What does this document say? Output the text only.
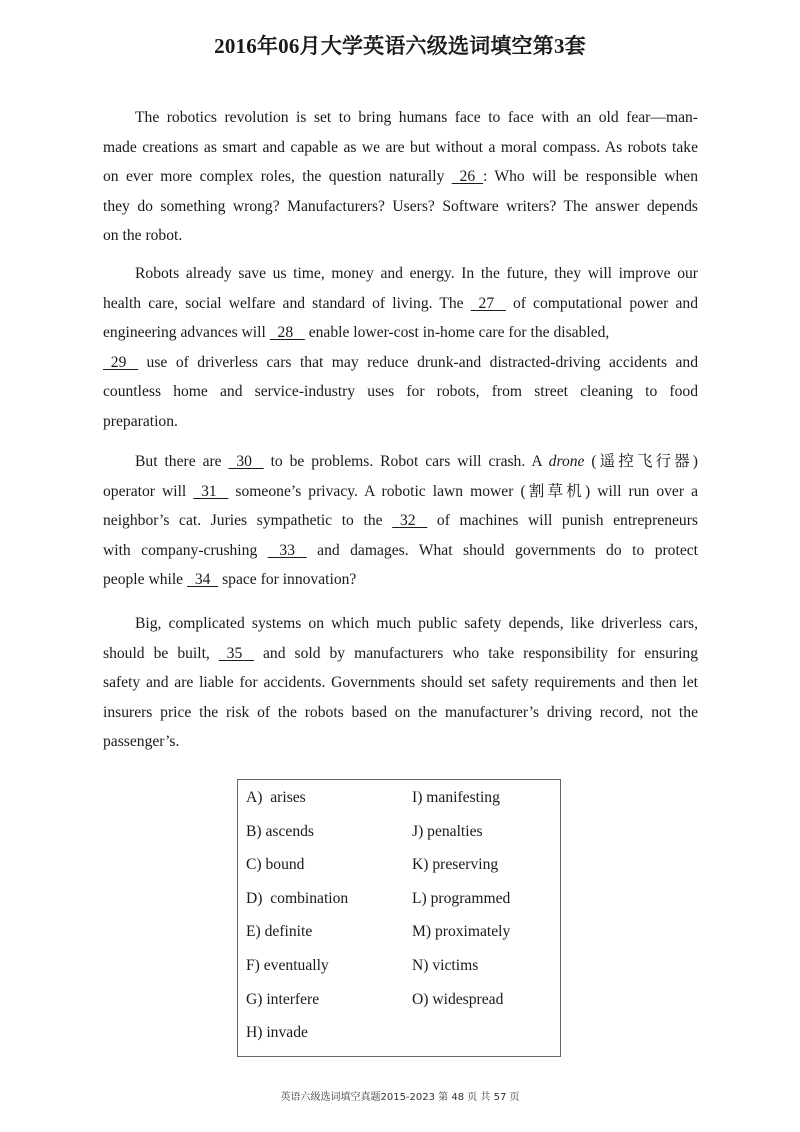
2016年06月大学英语六级选词填空第3套
The robotics revolution is set to bring humans face to face with an old fear—man-
made creations as smart and capable as we are but without a moral compass. As robots take
on ever more complex roles, the question naturally   26 : Who will be responsible when
they do something wrong? Manufacturers? Users? Software writers? The answer depends
on the robot.
Robots already save us time, money and energy. In the future, they will improve our
health care, social welfare and standard of living. The   27    of computational power and
engineering advances will   28    enable lower-cost in-home care for the disabled,
29    use of driverless cars that may reduce drunk-and distracted-driving accidents and
countless home and service-industry uses for robots, from street cleaning to food
preparation.
But there are   30    to be problems. Robot cars will crash. A drone (遥控飞行器)
operator will   31    someone’s privacy. A robotic lawn mower (割草机) will run over a
neighbor’s cat. Juries sympathetic to the   32    of machines will punish entrepreneurs
with company-crushing    33    and damages. What should governments do to protect
people while   34   space for innovation?
Big, complicated systems on which much public safety depends, like driverless cars,
should be built,   35    and sold by manufacturers who take responsibility for ensuring
safety and are liable for accidents. Governments should set safety requirements and then let
insurers price the risk of the robots based on the manufacturer’s driving record, not the
passenger’s.
A)  arises
B) ascends
C) bound
D)  combination
E) definite
F) eventually
G) interfere
H) invade
I) manifesting
J) penalties
K) preserving
L) programmed
M) proximately
N) victims
O) widespread
英语六级选词填空真题2015-2023 第 48 页 共 57 页
